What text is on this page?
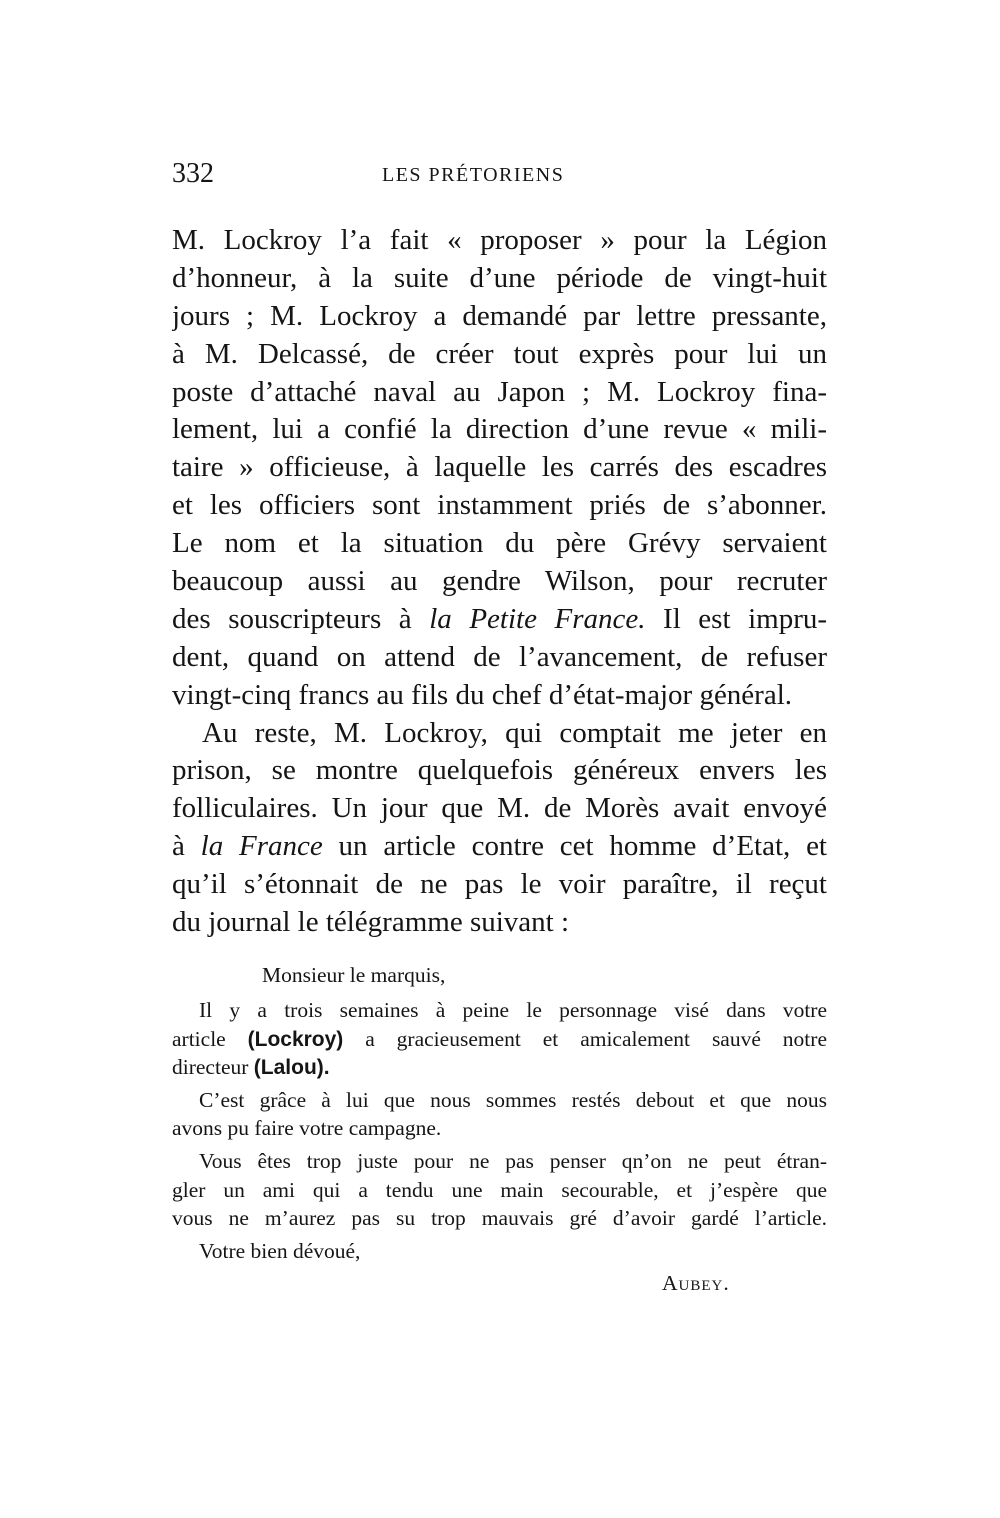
332	LES PRÉTORIENS
M. Lockroy l’a fait « proposer » pour la Légion
d’honneur, à la suite d’une période de vingt-huit
jours ; M. Lockroy a demandé par lettre pressante,
à M. Delcassé, de créer tout exprès pour lui un
poste d’attaché naval au Japon ; M. Lockroy fina-
lement, lui a confié la direction d’une revue « mili-
taire » officieuse, à laquelle les carrés des escadres
et les officiers sont instamment priés de s’abonner.
Le nom et la situation du père Grévy servaient
beaucoup aussi au gendre Wilson, pour recruter
des souscripteurs à la Petite France. Il est impru-
dent, quand on attend de l’avancement, de refuser
vingt-cinq francs au fils du chef d’état-major général.
Au reste, M. Lockroy, qui comptait me jeter en
prison, se montre quelquefois généreux envers les
folliculaires. Un jour que M. de Morès avait envoyé
à la France un article contre cet homme d’Etat, et
qu’il s’étonnait de ne pas le voir paraître, il reçut
du journal le télégramme suivant :
Monsieur le marquis,
Il y a trois semaines à peine le personnage visé dans votre
article (Lockroy) a gracieusement et amicalement sauvé notre
directeur (Lalou).
C’est grâce à lui que nous sommes restés debout et que nous
avons pu faire votre campagne.
Vous êtes trop juste pour ne pas penser qn’on ne peut étran-
gler un ami qui a tendu une main secourable, et j’espère que
vous ne m’aurez pas su trop mauvais gré d’avoir gardé l’article.
Votre bien dévoué,
Aubey.
